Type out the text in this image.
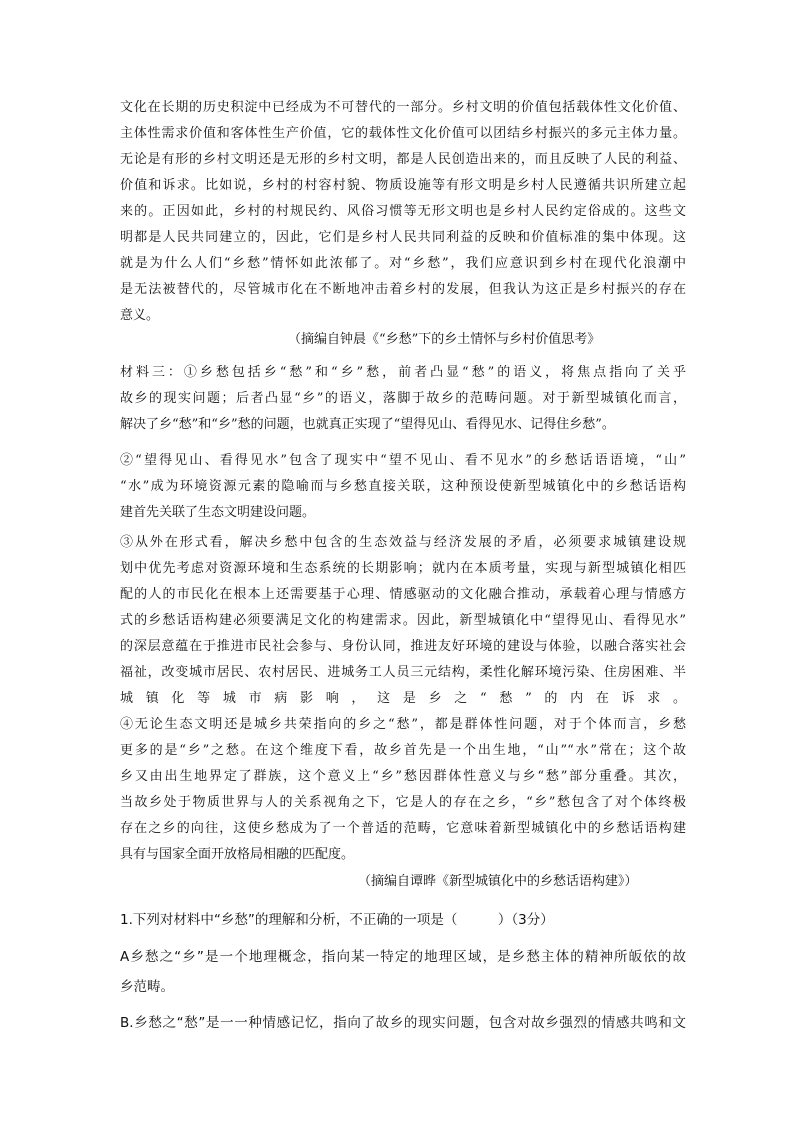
文化在长期的历史积淀中已经成为不可替代的一部分。乡村文明的价值包括载体性文化价值、
主体性需求价值和客体性生产价值，它的载体性文化价值可以团结乡村振兴的多元主体力量。
无论是有形的乡村文明还是无形的乡村文明，都是人民创造出来的，而且反映了人民的利益、
价值和诉求。比如说，乡村的村容村貌、物质设施等有形文明是乡村人民遵循共识所建立起
来的。正因如此，乡村的村规民约、风俗习惯等无形文明也是乡村人民约定俗成的。这些文
明都是人民共同建立的，因此，它们是乡村人民共同利益的反映和价值标准的集中体现。这
就是为什么人们“乡愁”情怀如此浓郁了。对“乡愁”，我们应意识到乡村在现代化浪潮中
是无法被替代的，尽管城市化在不断地冲击着乡村的发展，但我认为这正是乡村振兴的存在
意义。
（摘编自钟晨《“乡愁”下的乡土情怀与乡村价值思考》
材料三：①乡愁包括乡“愁”和“乡”愁，前者凸显“愁”的语义，将焦点指向了关乎
故乡的现实问题；后者凸显“乡”的语义，落脚于故乡的范畴问题。对于新型城镇化而言，
解决了乡“愁”和“乡”愁的问题，也就真正实现了“望得见山、看得见水、记得住乡愁”。
②“望得见山、看得见水”包含了现实中“望不见山、看不见水”的乡愁话语语境，“山”
“水”成为环境资源元素的隐喻而与乡愁直接关联，这种预设使新型城镇化中的乡愁话语构
建首先关联了生态文明建设问题。
③从外在形式看，解决乡愁中包含的生态效益与经济发展的矛盾，必须要求城镇建设规
划中优先考虑对资源环境和生态系统的长期影响；就内在本质考量，实现与新型城镇化相匹
配的人的市民化在根本上还需要基于心理、情感驱动的文化融合推动，承载着心理与情感方
式的乡愁话语构建必须要满足文化的构建需求。因此，新型城镇化中“望得见山、看得见水”
的深层意蕴在于推进市民社会参与、身份认同，推进友好环境的建设与体验，以融合落实社会
福祉，改变城市居民、农村居民、进城务工人员三元结构，柔性化解环境污染、住房困难、半
城镇化等城市病影响，这是乡之“愁”的内在诉求。
④无论生态文明还是城乡共荣指向的乡之“愁”，都是群体性问题，对于个体而言，乡愁
更多的是“乡”之愁。在这个维度下看，故乡首先是一个出生地，“山”“水”常在；这个故
乡又由出生地界定了群族，这个意义上“乡”愁因群体性意义与乡“愁”部分重叠。其次，
当故乡处于物质世界与人的关系视角之下，它是人的存在之乡，“乡”愁包含了对个体终极
存在之乡的向往，这使乡愁成为了一个普适的范畴，它意味着新型城镇化中的乡愁话语构建
具有与国家全面开放格局相融的匹配度。
（摘编自谭晔《新型城镇化中的乡愁话语构建》）
1.下列对材料中“乡愁”的理解和分析，不正确的一项是（　　　）（3分）
A乡愁之“乡”是一个地理概念，指向某一特定的地理区域，是乡愁主体的精神所皈依的故
乡范畴。
B.乡愁之“愁”是一一种情感记忆，指向了故乡的现实问题，包含对故乡强烈的情感共鸣和文
